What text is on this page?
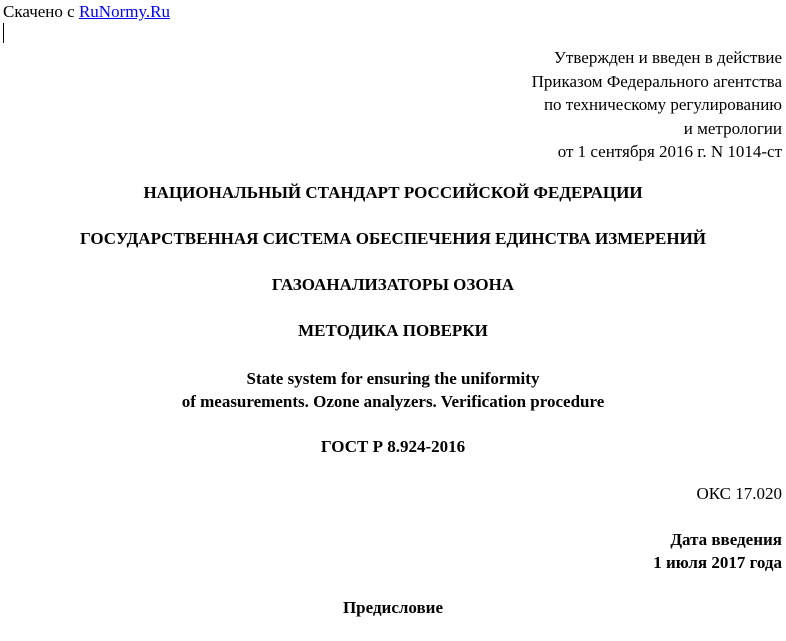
Скачено с RuNormy.Ru
Утвержден и введен в действие
Приказом Федерального агентства
по техническому регулированию
и метрологии
от 1 сентября 2016 г. N 1014-ст
НАЦИОНАЛЬНЫЙ СТАНДАРТ РОССИЙСКОЙ ФЕДЕРАЦИИ
ГОСУДАРСТВЕННАЯ СИСТЕМА ОБЕСПЕЧЕНИЯ ЕДИНСТВА ИЗМЕРЕНИЙ
ГАЗОАНАЛИЗАТОРЫ ОЗОНА
МЕТОДИКА ПОВЕРКИ
State system for ensuring the uniformity
of measurements. Ozone analyzers. Verification procedure
ГОСТ Р 8.924-2016
ОКС 17.020
Дата введения
1 июля 2017 года
Предисловие
